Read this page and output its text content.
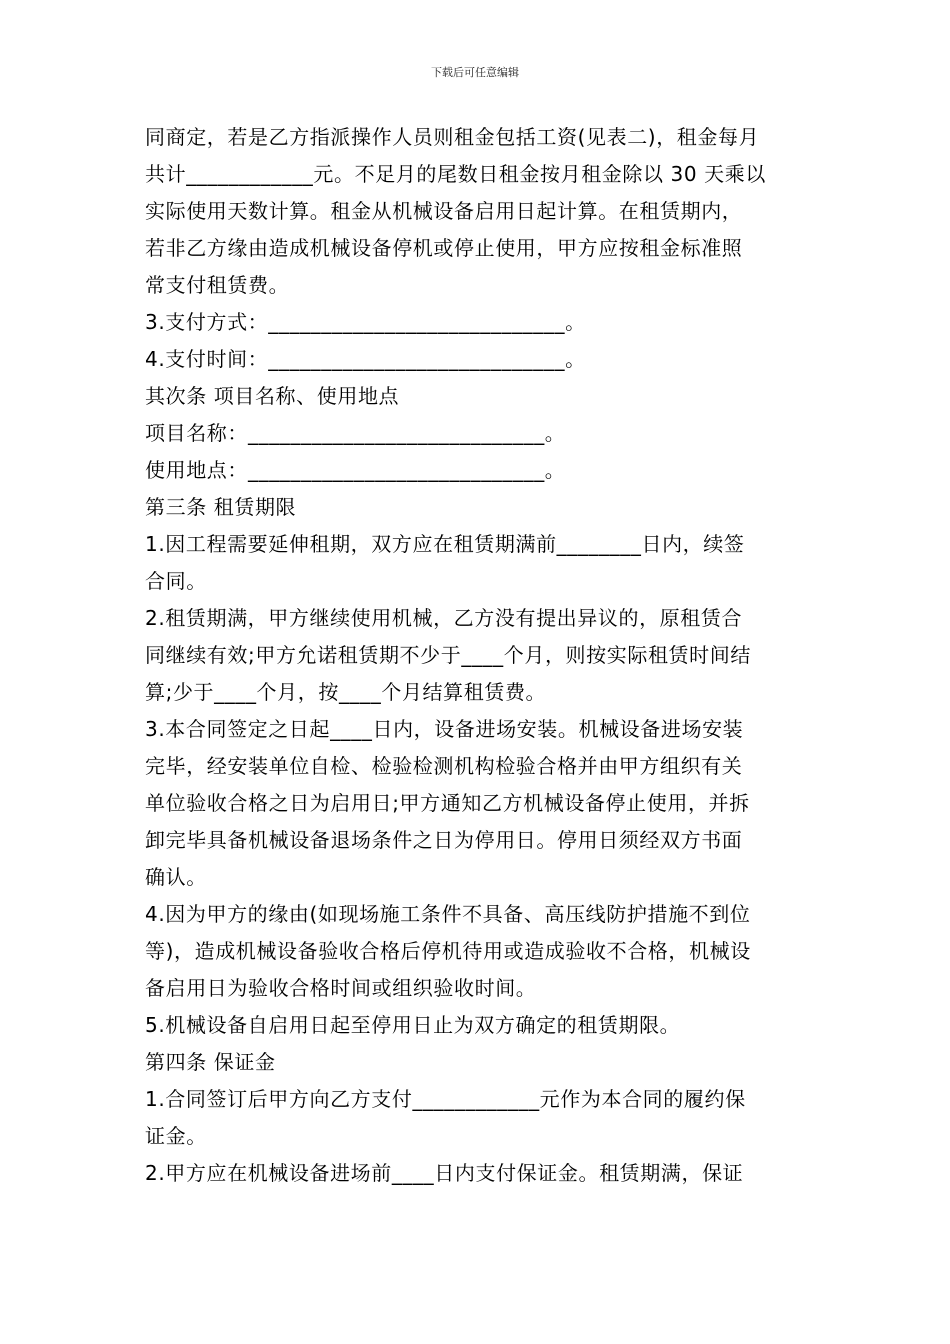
下载后可任意编辑
同商定，若是乙方指派操作人员则租金包括工资(见表二)，租金每月
共计____________元。不足月的尾数日租金按月租金除以 30 天乘以
实际使用天数计算。租金从机械设备启用日起计算。在租赁期内，
若非乙方缘由造成机械设备停机或停止使用，甲方应按租金标准照
常支付租赁费。
3.支付方式：____________________________。
4.支付时间：____________________________。
其次条 项目名称、使用地点
项目名称：____________________________。
使用地点：____________________________。
第三条 租赁期限
1.因工程需要延伸租期，双方应在租赁期满前________日内，续签
合同。
2.租赁期满，甲方继续使用机械，乙方没有提出异议的，原租赁合
同继续有效;甲方允诺租赁期不少于____个月，则按实际租赁时间结
算;少于____个月，按____个月结算租赁费。
3.本合同签定之日起____日内，设备进场安装。机械设备进场安装
完毕，经安装单位自检、检验检测机构检验合格并由甲方组织有关
单位验收合格之日为启用日;甲方通知乙方机械设备停止使用，并拆
卸完毕具备机械设备退场条件之日为停用日。停用日须经双方书面
确认。
4.因为甲方的缘由(如现场施工条件不具备、高压线防护措施不到位
等)，造成机械设备验收合格后停机待用或造成验收不合格，机械设
备启用日为验收合格时间或组织验收时间。
5.机械设备自启用日起至停用日止为双方确定的租赁期限。
第四条 保证金
1.合同签订后甲方向乙方支付____________元作为本合同的履约保
证金。
2.甲方应在机械设备进场前____日内支付保证金。租赁期满，保证
